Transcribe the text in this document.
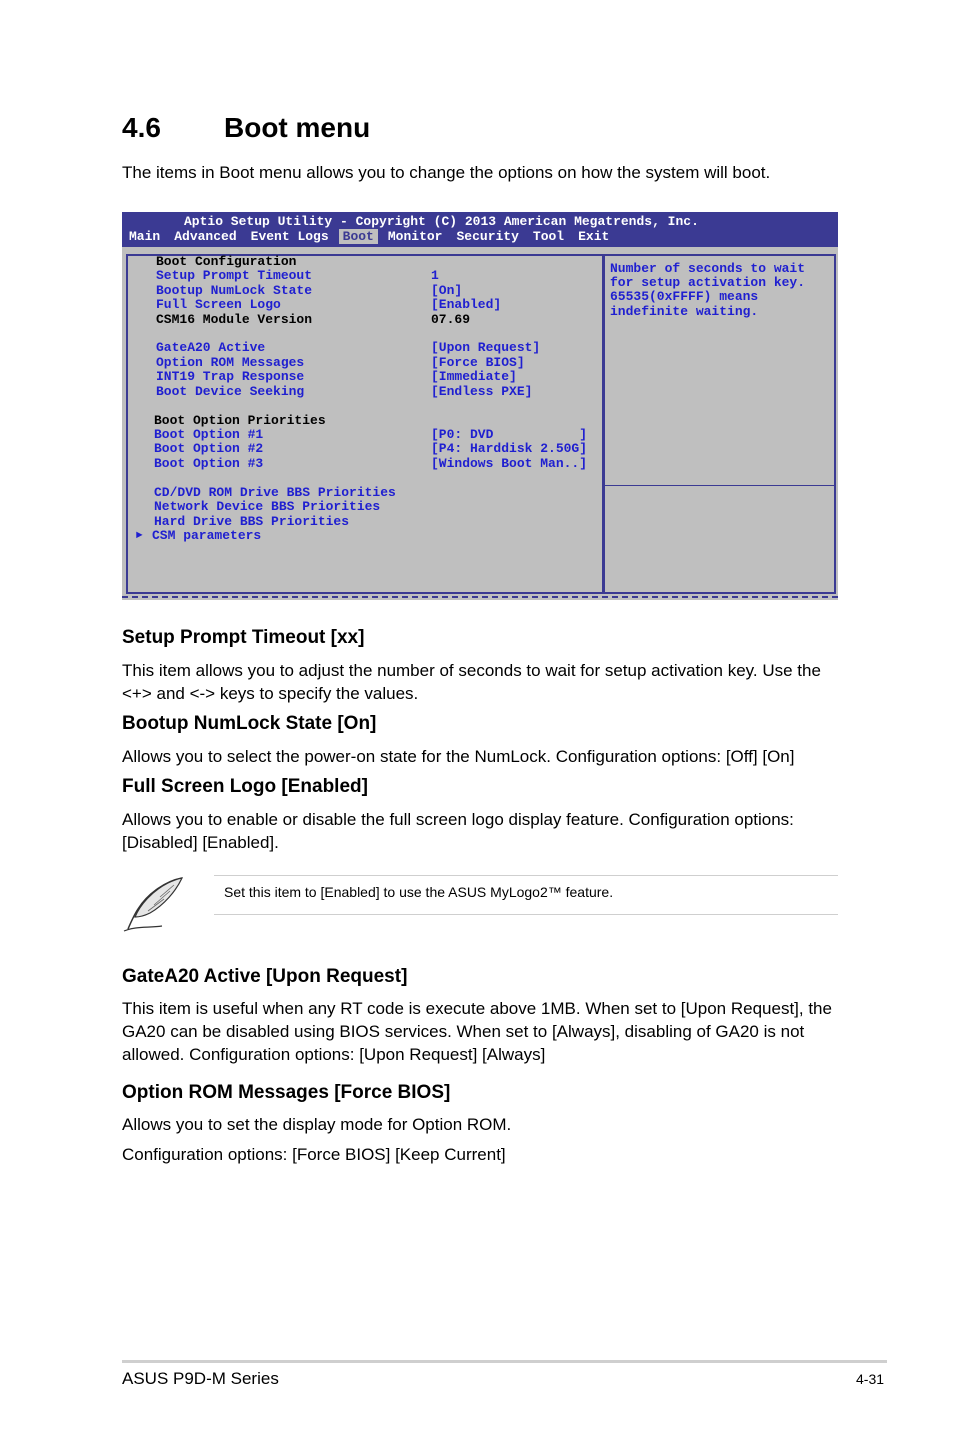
4.6 Boot menu
The items in Boot menu allows you to change the options on how the system will boot.
Aptio Setup Utility - Copyright (C) 2013 American Megatrends, Inc.
Main Advanced Event Logs Boot Monitor Security Tool Exit
Boot Configuration
Setup Prompt Timeout	1
Bootup NumLock State	[On]
Full Screen Logo	[Enabled]
CSM16 Module Version	07.69
GateA20 Active	[Upon Request]
Option ROM Messages	[Force BIOS]
INT19 Trap Response	[Immediate]
Boot Device Seeking	[Endless PXE]
Boot Option Priorities
Boot Option #1	[P0: DVD           ]
Boot Option #2	[P4: Harddisk 2.50G]
Boot Option #3	[Windows Boot Man..]
CD/DVD ROM Drive BBS Priorities
Network Device BBS Priorities
Hard Drive BBS Priorities
► CSM parameters
Number of seconds to wait
for setup activation key.
65535(0xFFFF) means
indefinite waiting.
Setup Prompt Timeout [xx]
This item allows you to adjust the number of seconds to wait for setup activation key. Use the <+> and <-> keys to specify the values.
Bootup NumLock State [On]
Allows you to select the power-on state for the NumLock. Configuration options: [Off] [On]
Full Screen Logo [Enabled]
Allows you to enable or disable the full screen logo display feature. Configuration options: [Disabled] [Enabled].
Set this item to [Enabled] to use the ASUS MyLogo2™ feature.
GateA20 Active [Upon Request]
This item is useful when any RT code is execute above 1MB. When set to [Upon Request], the GA20 can be disabled using BIOS services. When set to [Always], disabling of GA20 is not allowed. Configuration options: [Upon Request] [Always]
Option ROM Messages [Force BIOS]
Allows you to set the display mode for Option ROM.
Configuration options: [Force BIOS] [Keep Current]
ASUS P9D-M Series	4-31
